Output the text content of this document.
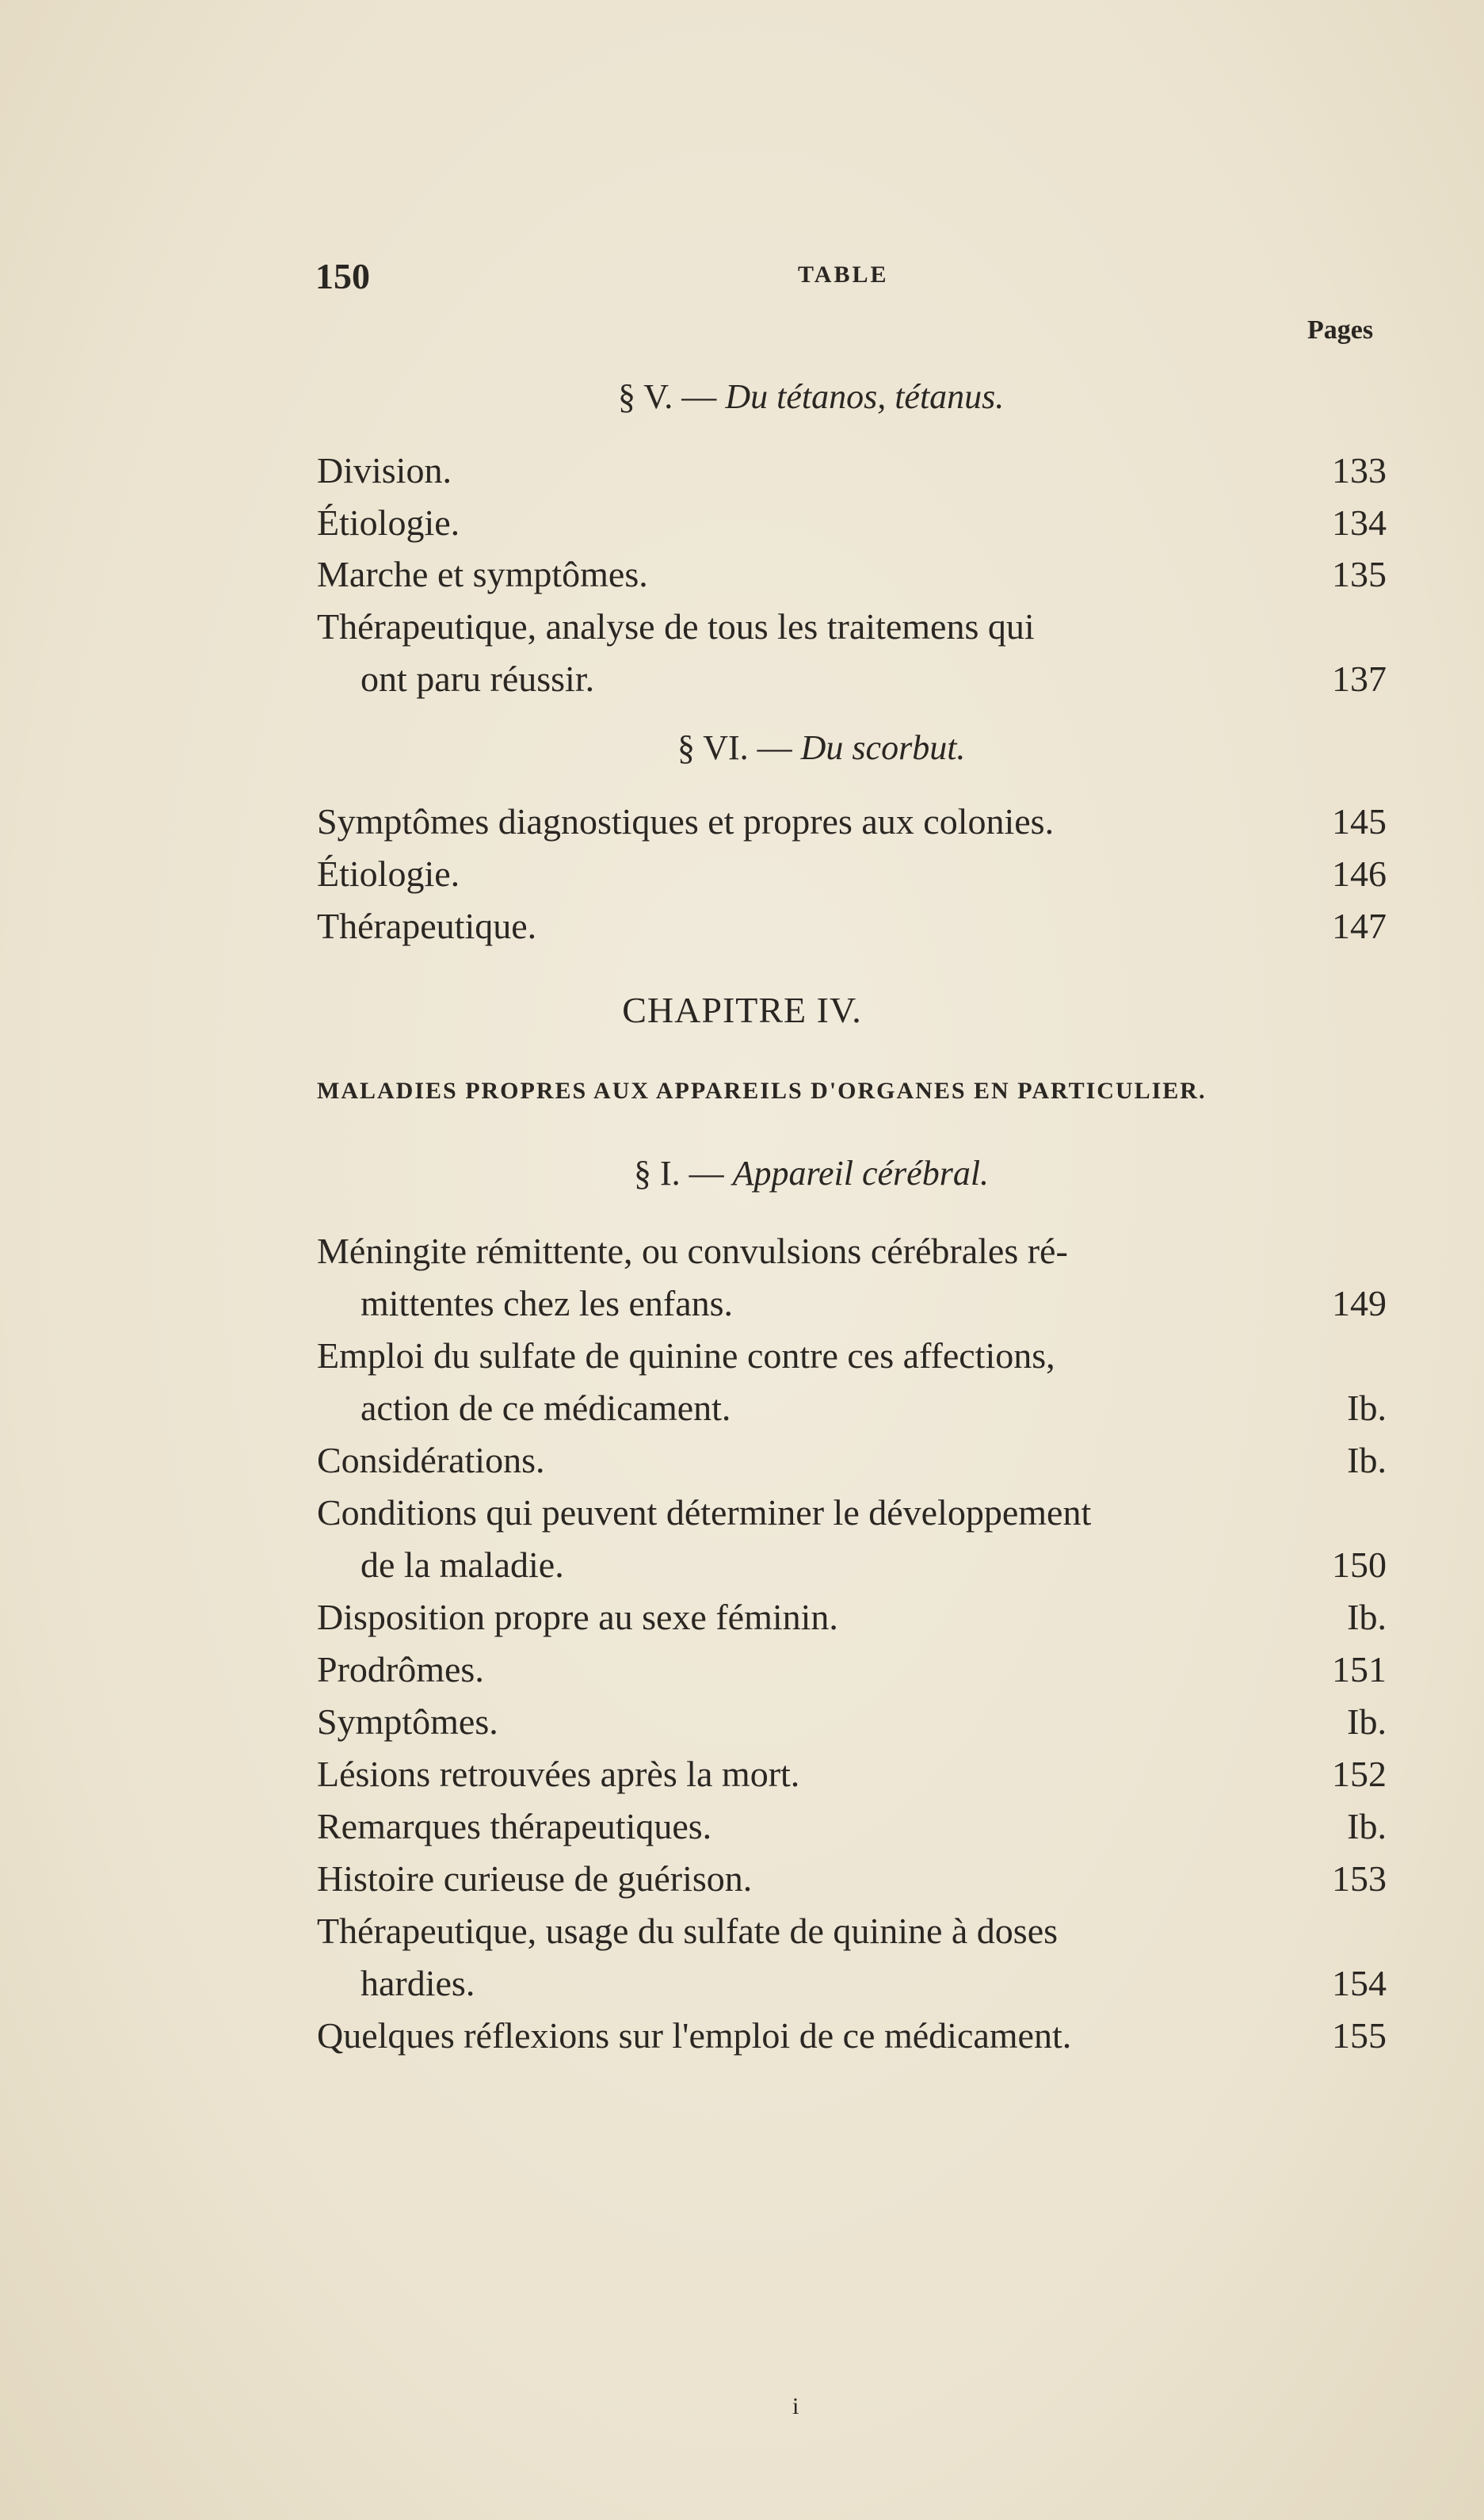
150	TABLE
Pages
§ V. — Du tétanos, tétanus.
Division.	133
Étiologie.	134
Marche et symptômes.	135
Thérapeutique, analyse de tous les traitemens qui
ont paru réussir.	137
§ VI. — Du scorbut.
Symptômes diagnostiques et propres aux colonies.	145
Étiologie.	146
Thérapeutique.	147
CHAPITRE IV.
MALADIES PROPRES AUX APPAREILS D'ORGANES EN PARTICULIER.
§ I. — Appareil cérébral.
Méningite rémittente, ou convulsions cérébrales ré-
mittentes chez les enfans.	149
Emploi du sulfate de quinine contre ces affections,
action de ce médicament.	Ib.
Considérations.	Ib.
Conditions qui peuvent déterminer le développement
de la maladie.	150
Disposition propre au sexe féminin.	Ib.
Prodrômes.	151
Symptômes.	Ib.
Lésions retrouvées après la mort.	152
Remarques thérapeutiques.	Ib.
Histoire curieuse de guérison.	153
Thérapeutique, usage du sulfate de quinine à doses
hardies.	154
Quelques réflexions sur l'emploi de ce médicament.	155
i
